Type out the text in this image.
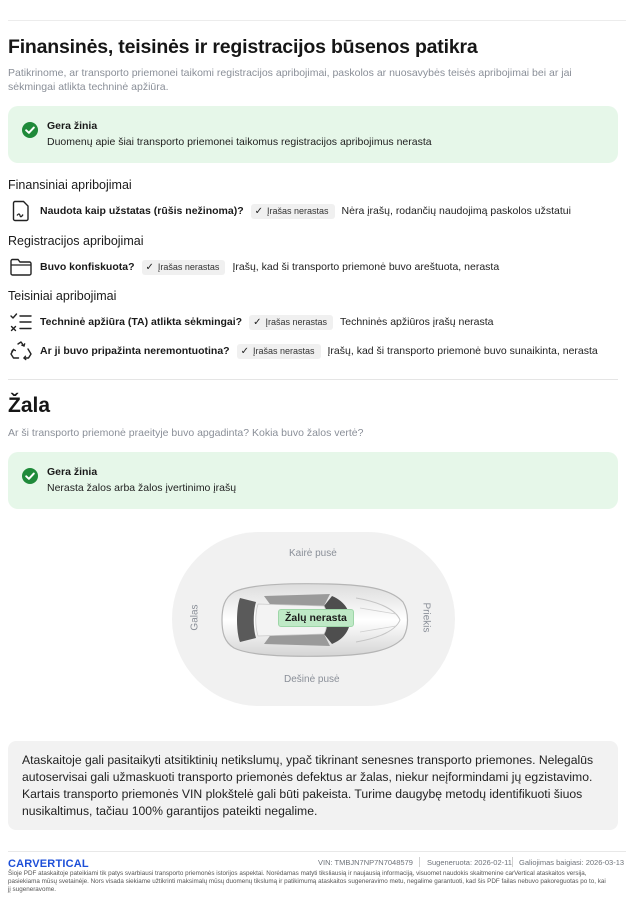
Finansinės, teisinės ir registracijos būsenos patikra

Patikrinome, ar transporto priemonei taikomi registracijos apribojimai, paskolos ar nuosavybės teisės apribojimai bei ar jai sėkmingai atlikta techninė apžiūra.

Gera žinia
Duomenų apie šiai transporto priemonei taikomus registracijos apribojimus nerasta
Finansiniai apribojimai
Naudota kaip užstatas (rūšis nežinoma)? ✓ Įrašas nerastas Nėra įrašų, rodančių naudojimą paskolos užstatui
Registracijos apribojimai
Buvo konfiskuota? ✓ Įrašas nerastas Įrašų, kad ši transporto priemonė buvo areštuota, nerasta
Teisiniai apribojimai
Techninė apžiūra (TA) atlikta sėkmingai? ✓ Įrašas nerastas Techninės apžiūros įrašų nerasta
Ar ji buvo pripažinta neremontuotina? ✓ Įrašas nerastas Įrašų, kad ši transporto priemonė buvo sunaikinta, nerasta
Žala

Ar ši transporto priemonė praeityje buvo apgadinta? Kokia buvo žalos vertė?

Gera žinia
Nerasta žalos arba žalos įvertinimo įrašų
Kairė pusė
Dešinė pusė
Galas	Priekis
Žalų nerasta
Ataskaitoje gali pasitaikyti atsitiktinių netikslumų, ypač tikrinant senesnes transporto priemones. Nelegalūs autoservisai gali užmaskuoti transporto priemonės defektus ar žalas, niekur neįformindami jų egzistavimo. Kartais transporto priemonės VIN plokštelė gali būti pakeista. Turime daugybę metodų identifikuoti šiuos nusikaltimus, tačiau 100% garantijos pateikti negalime.
CARVERTICAL	VIN: TMBJN7NP7N7048579 Sugeneruota: 2026-02-11 Galiojimas baigiasi: 2026-03-13

Šioje PDF ataskaitoje pateikiami tik patys svarbiausi transporto priemonės istorijos aspektai. Norėdamas matyti tiksliausią ir naujausią informaciją, visuomet naudokis skaitmenine carVertical ataskaitos versija, pasiekiama mūsų svetainėje. Nors visada siekiame užtikrinti maksimalų mūsų duomenų tikslumą ir patikimumą ataskaitos sugeneravimo metu, negalime garantuoti, kad šis PDF failas nebuvo pakoreguotas po to, kai jį sugeneravome.
